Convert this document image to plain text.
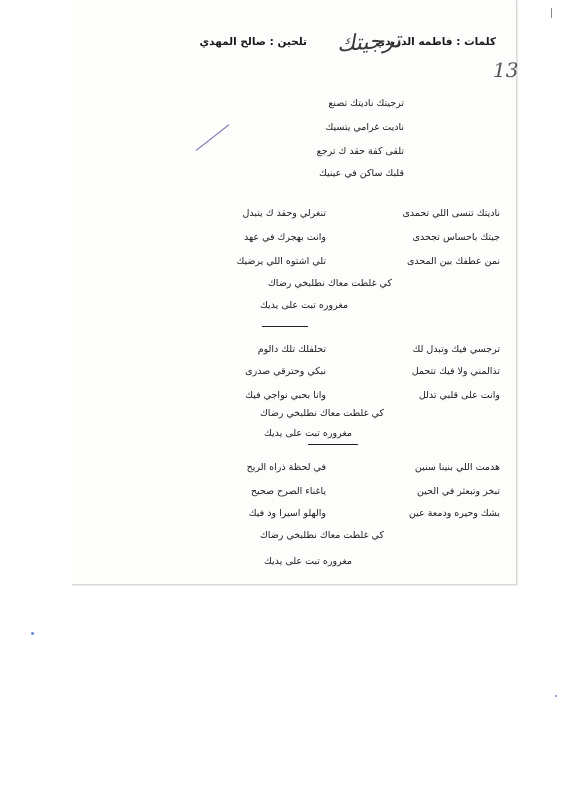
كلمات : فاطمه الدريدي
تلحين : صالح المهدي ترجيتك
13
ترجيتك ناديتك تصنع
ناديت غرامي يتسيك
تلقى كفة حقد ك ترجع
قلبك ساكن في عينيك
ناديتك تنسى اللي تحمدى
جيتك باحساس تجحدى
نمن عطفك بين المحدى
تنغرلي وحقد ك يتبدل
وانت بهجرك في عهد
تلي اشتوه اللي يرضيك
كي غلطت معاك نطلبخي رضاك
مغروره تبت على يديك
ترجسي فيك وتبدل لك
تذالمني ولا فيك تتحمل
وانت على قلبي تدلل
تحلفلك تلك دالوم
نبكي وحترقي صدرى
وانا بحبي نواجي فيك
كي غلطت معاك نطلبخي رضاك
مغروره تبت على يديك
هدمت اللي بنينا سنين
تبخر وتبعثر في الحين
بشك وحيره ودمعة عين
في لحظة ذراه الريح
ياغناء الصرح صحيح
والهلو اسيرا ود فيك
كي غلطت معاك نطلبخي رضاك
مغروره تبت على يديك
